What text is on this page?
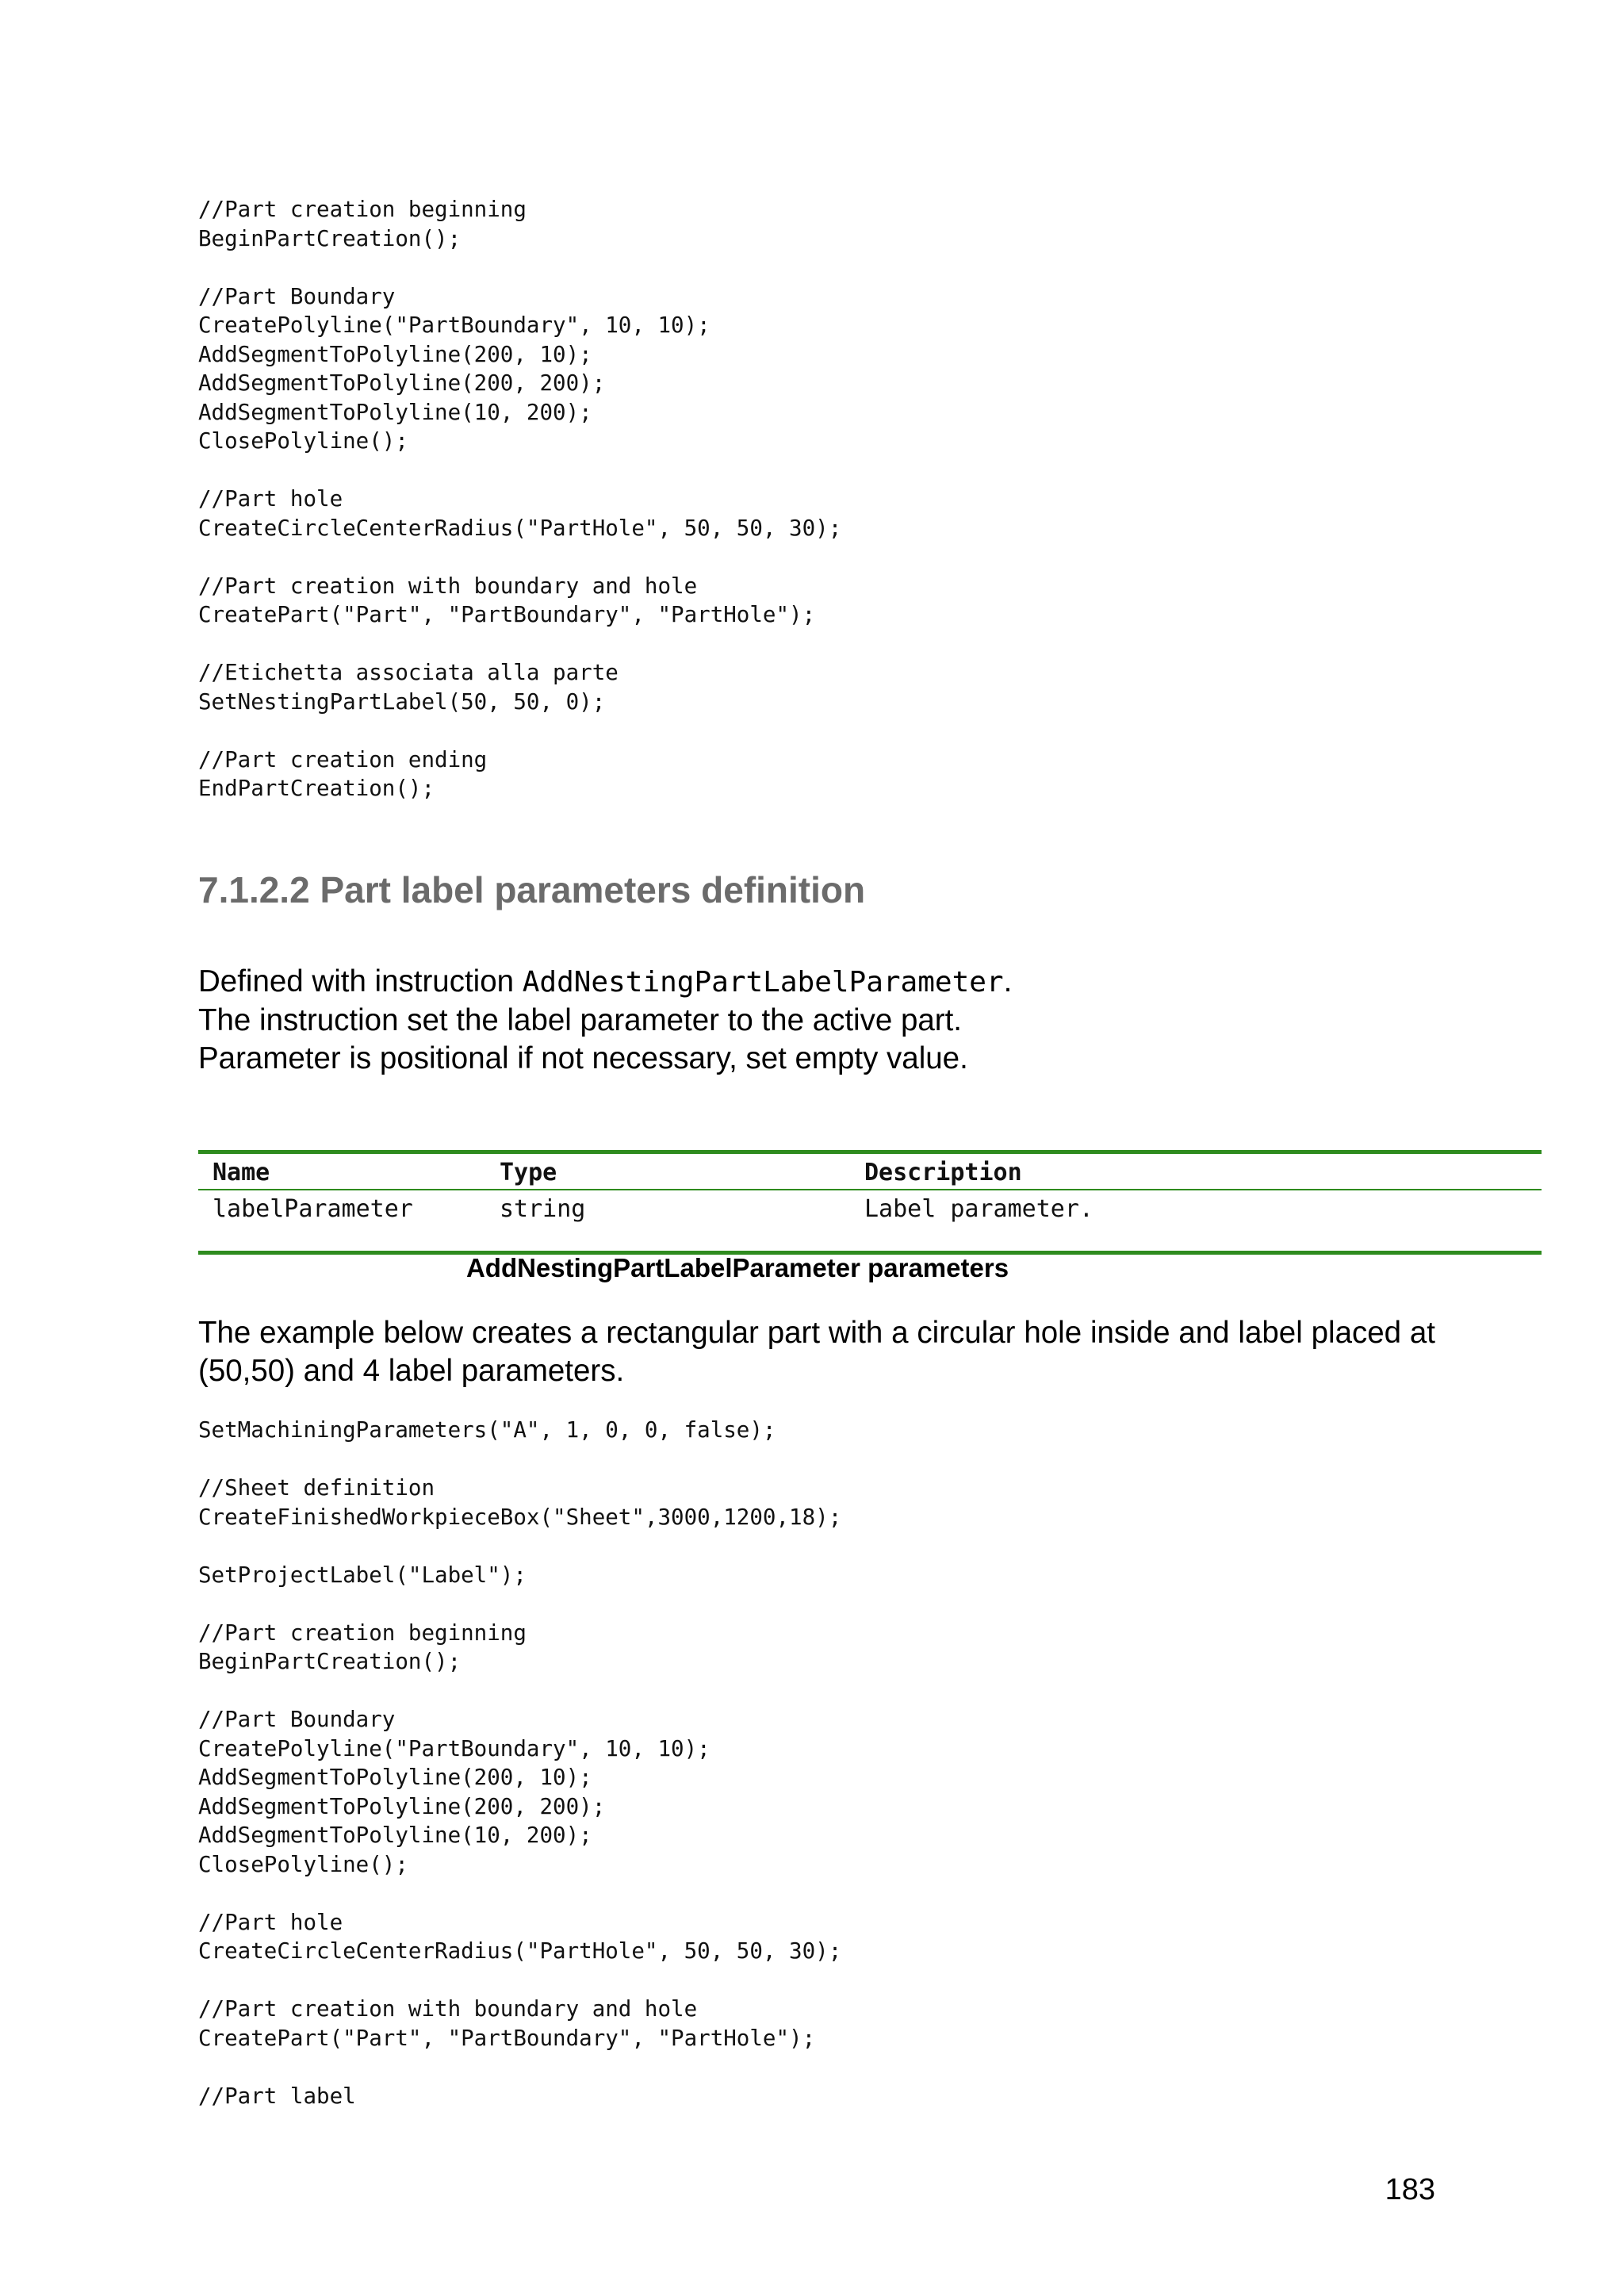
//Part creation beginning
BeginPartCreation();

//Part Boundary
CreatePolyline("PartBoundary", 10, 10);
AddSegmentToPolyline(200, 10);
AddSegmentToPolyline(200, 200);
AddSegmentToPolyline(10, 200);
ClosePolyline();

//Part hole
CreateCircleCenterRadius("PartHole", 50, 50, 30);

//Part creation with boundary and hole
CreatePart("Part", "PartBoundary", "PartHole");

//Etichetta associata alla parte
SetNestingPartLabel(50, 50, 0);

//Part creation ending
EndPartCreation();
7.1.2.2 Part label parameters definition

Defined with instruction AddNestingPartLabelParameter.

The instruction set the label parameter to the active part.

Parameter is positional if not necessary, set empty value.

Name	Type	Description
labelParameter	string	Label parameter.
AddNestingPartLabelParameter parameters

The example below creates a rectangular part with a circular hole inside and label placed at (50,50) and 4 label parameters.

SetMachiningParameters("A", 1, 0, 0, false);

//Sheet definition
CreateFinishedWorkpieceBox("Sheet",3000,1200,18);

SetProjectLabel("Label");

//Part creation beginning
BeginPartCreation();

//Part Boundary
CreatePolyline("PartBoundary", 10, 10);
AddSegmentToPolyline(200, 10);
AddSegmentToPolyline(200, 200);
AddSegmentToPolyline(10, 200);
ClosePolyline();

//Part hole
CreateCircleCenterRadius("PartHole", 50, 50, 30);

//Part creation with boundary and hole
CreatePart("Part", "PartBoundary", "PartHole");

//Part label
183
